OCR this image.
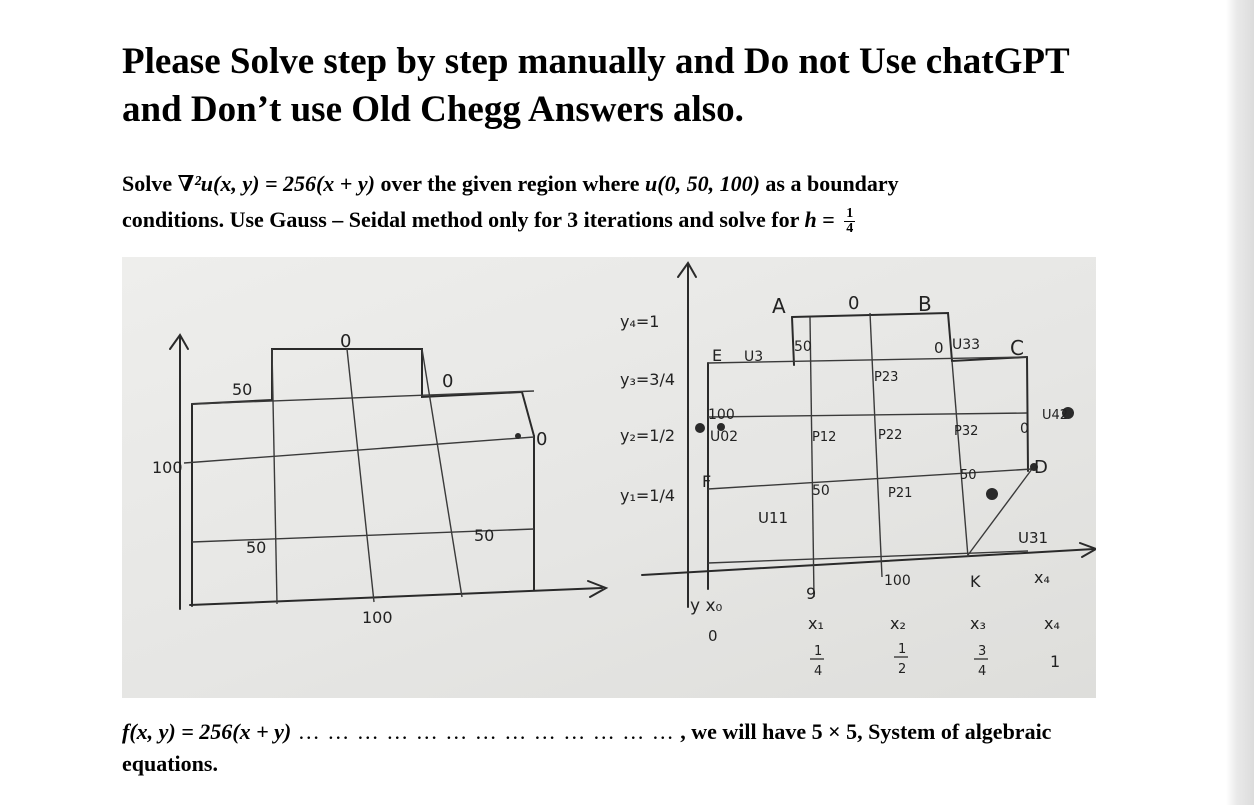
Please Solve step by step manually and Do not Use chatGPT
and Don’t use Old Chegg Answers also.
Solve ∇²u(x, y) = 256(x + y) over the given region where u(0, 50, 100) as a boundary
conditions. Use Gauss – Seidal method only for 3 iterations and solve for $h = \frac{1}{4}$
0
50	0
0
100
50
50
100
A	0	B
C
D
E
F
K
0 U33
0
U42
U3
y₄=1
y₃=3/4
y₂=1/2
y₁=1/4
50
P23
100
U02	P12	P22	P32
50	P21
50
U11
U31
100
y x₀
0
9
x₁	x₂	x₃
x₄
x₄
1
4
1
2
3
4
1
f(x, y) = 256(x + y) … … … … … … … … … … … … … , we will have 5 × 5, System of algebraic
equations.
